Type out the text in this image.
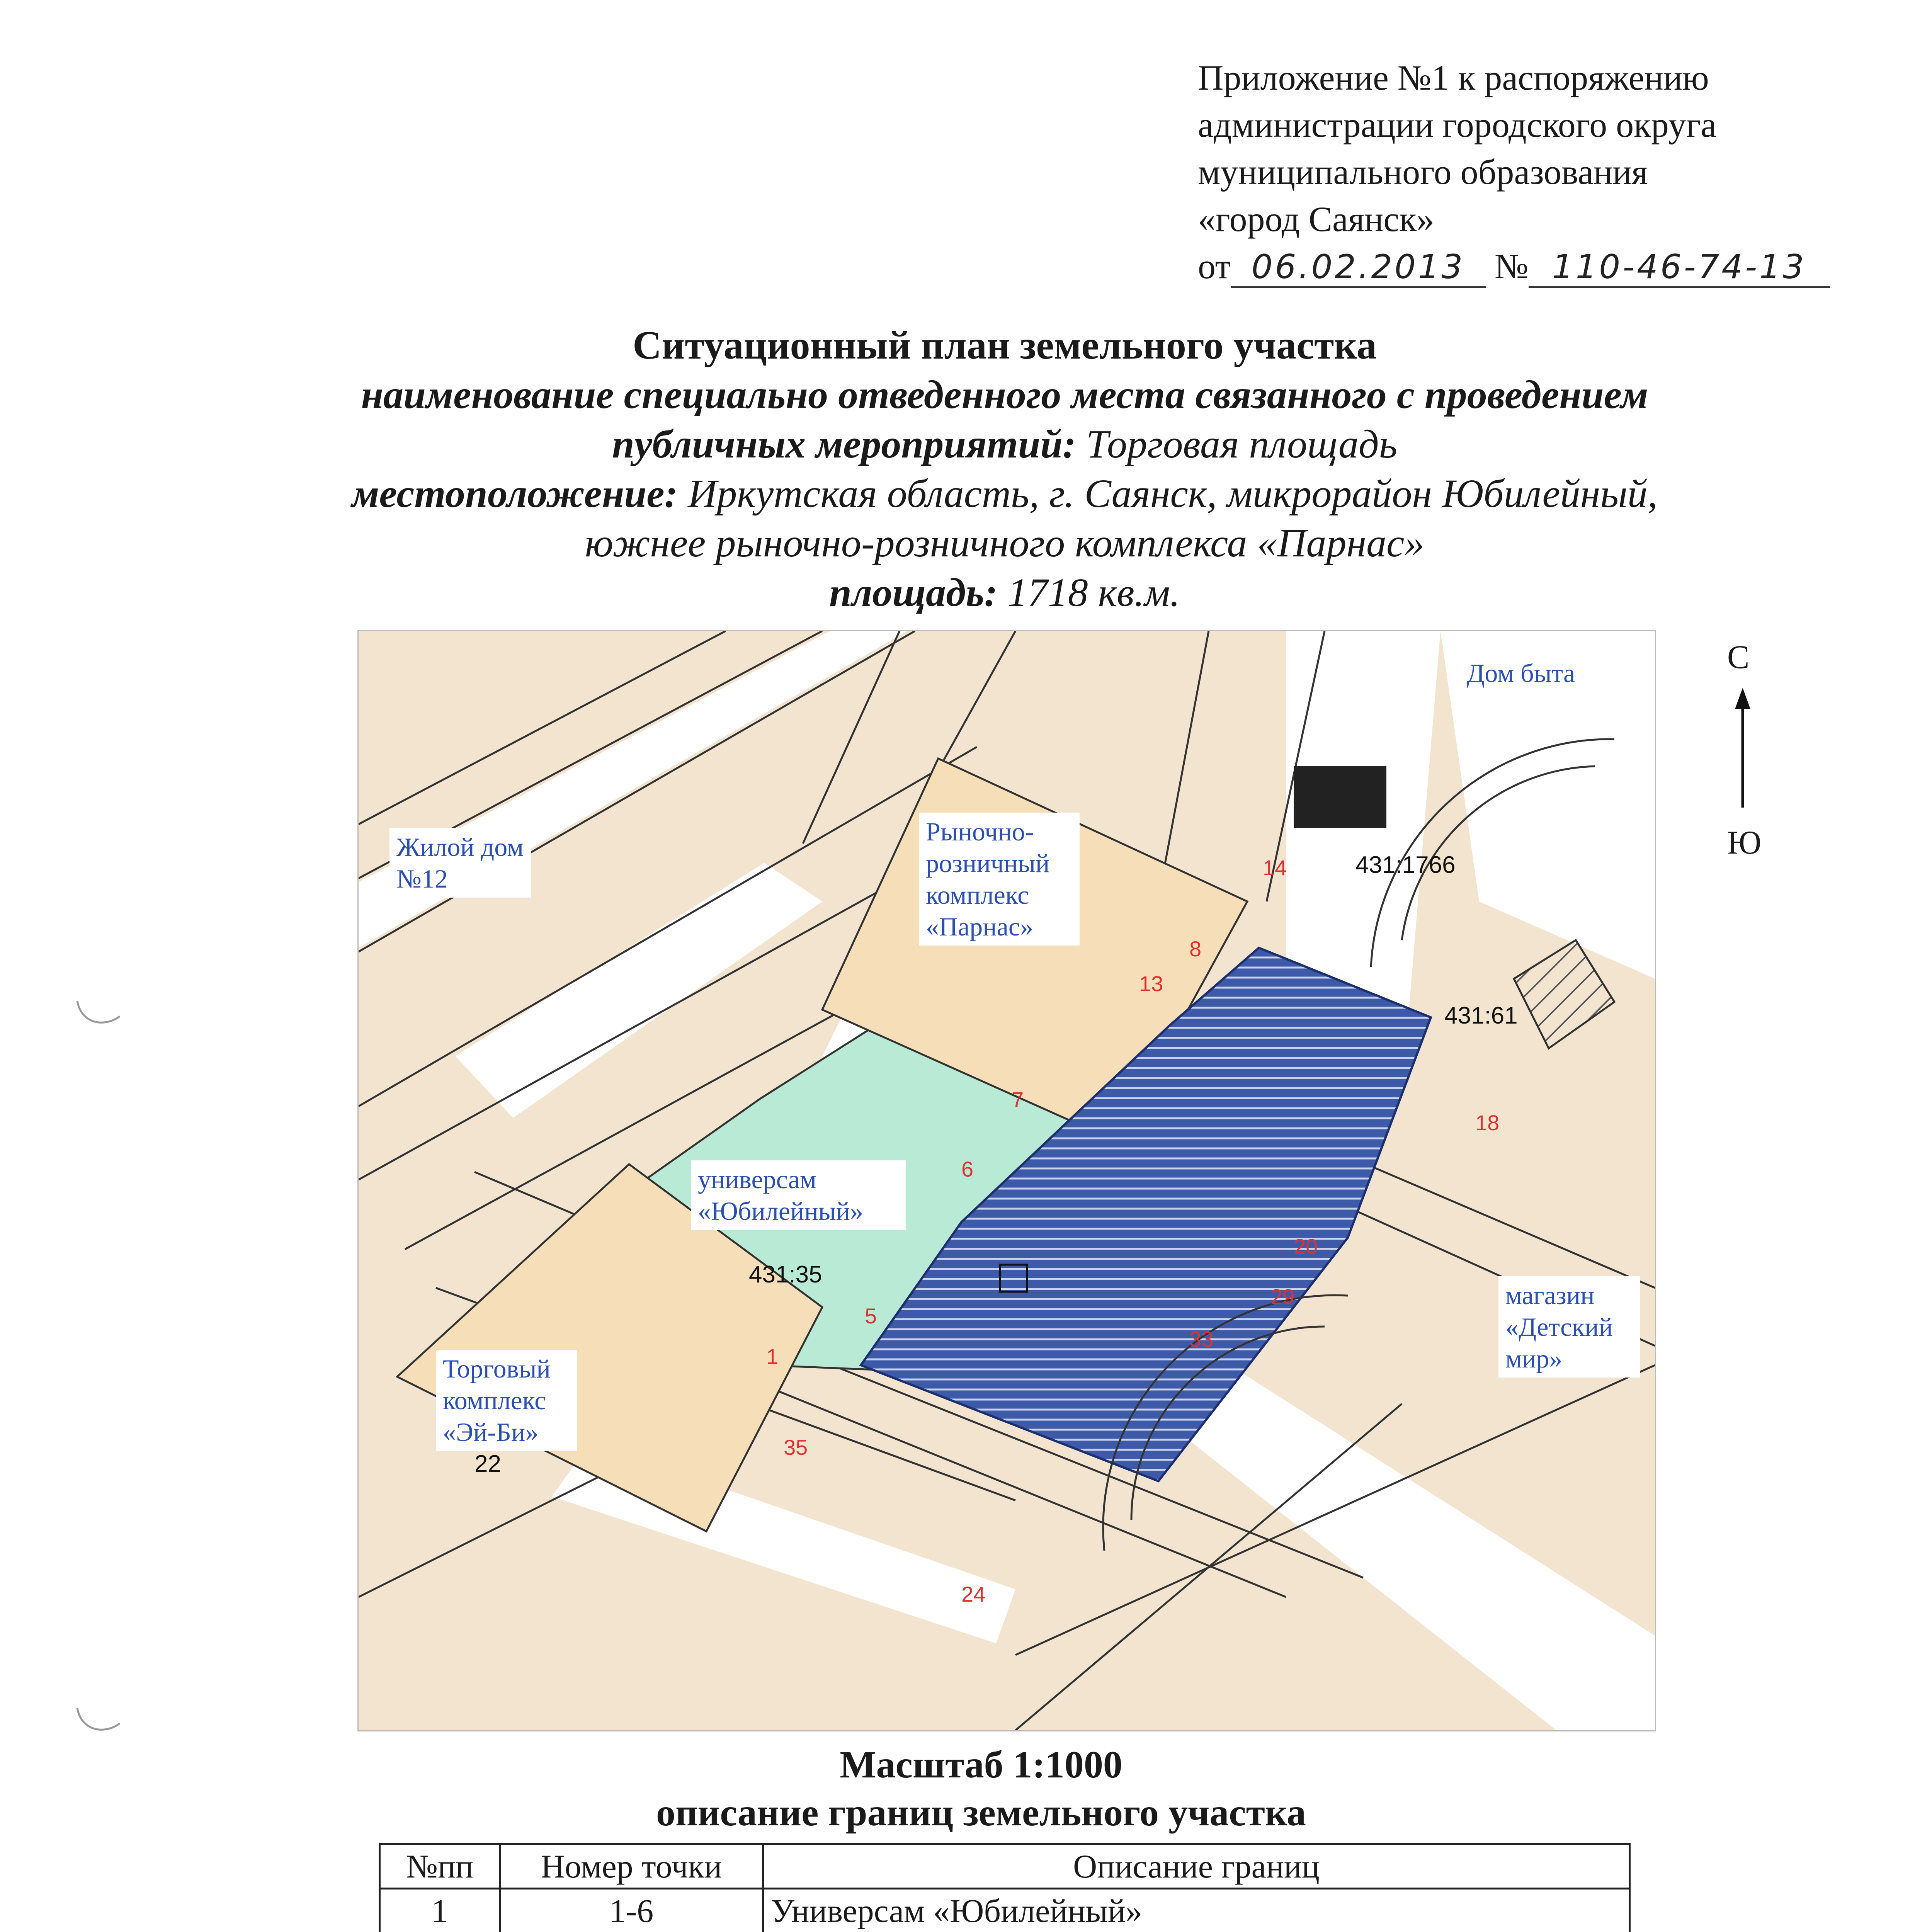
Приложение №1 к распоряжению
администрации городского округа
муниципального образования
«город Саянск»
от 06.02.2013 № 110-46-74-13
Ситуационный план земельного участка
наименование специально отведенного места связанного с проведением
публичных мероприятий: Торговая площадь
местоположение: Иркутская область, г. Саянск, микрорайон Юбилейный,
южнее рыночно-розничного комплекса «Парнас»
площадь: 1718 кв.м.
Жилой дом №12
Рыночно-розничный комплекс «Парнас»
Дом быта
универсам «Юбилейный»
Торговый комплекс «Эй-Би»
магазин «Детский мир»
431:35
431:1766
431:61
22
1
5
6
7
8
13
14
18
20
24
29
33
35
С
Ю
Масштаб 1:1000
описание границ земельного участка
№пп	Номер точки	Описание границ
1	1-6	Универсам «Юбилейный»
